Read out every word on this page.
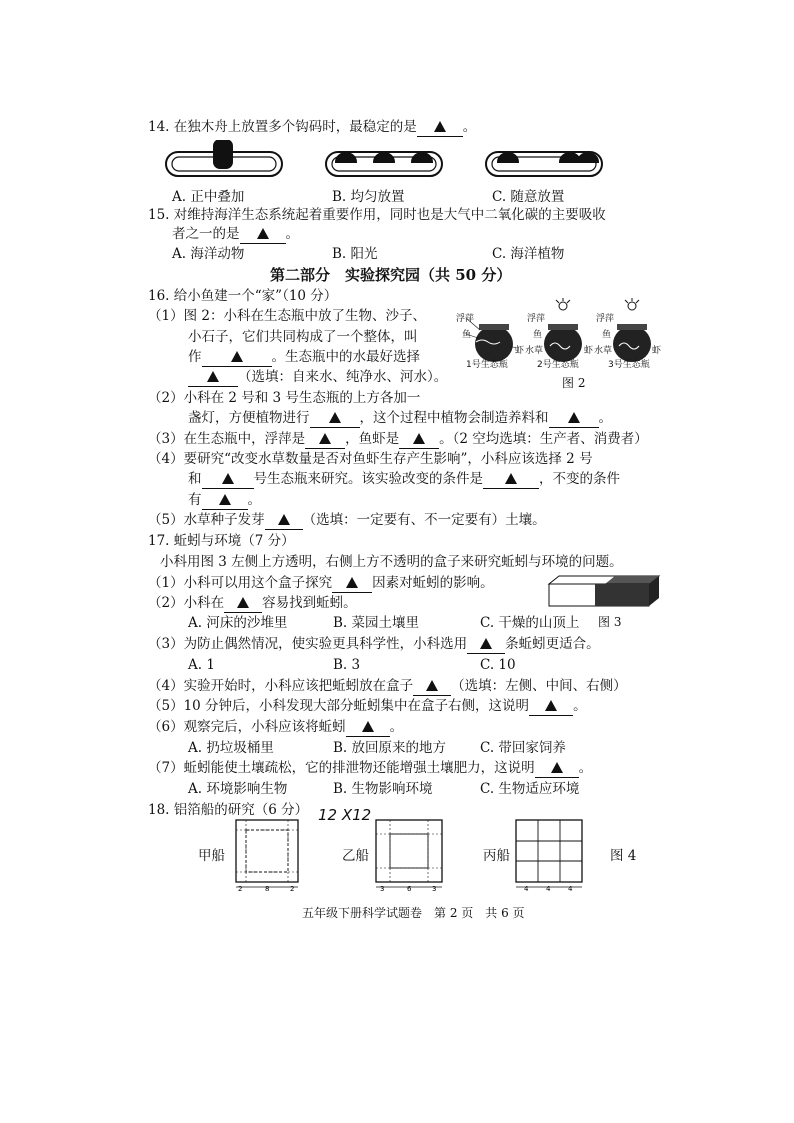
14. 在独木舟上放置多个钩码时，最稳定的是	。
A. 正中叠加	B. 均匀放置	C. 随意放置
15. 对维持海洋生态系统起着重要作用，同时也是大气中二氧化碳的主要吸收
者之一的是	。
A. 海洋动物	B. 阳光	C. 海洋植物
第二部分　实验探究园（共 50 分）
16. 给小鱼建一个“家”（10 分）
（1）图 2：小科在生态瓶中放了生物、沙子、
小石子，它们共同构成了一个整体，叫
作	。生态瓶中的水最好选择
（选填：自来水、纯净水、河水）。
浮萍
鱼
虾
浮萍
鱼
水草	虾
浮萍
鱼
水草	虾
1号生态瓶	2号生态瓶	3号生态瓶
图 2
（2）小科在 2 号和 3 号生态瓶的上方各加一
盏灯，方便植物进行	，这个过程中植物会制造养料和	。
（3）在生态瓶中，浮萍是	，鱼虾是	。（2 空均选填：生产者、消费者）
（4）要研究“改变水草数量是否对鱼虾生存产生影响”，小科应该选择 2 号
和	号生态瓶来研究。该实验改变的条件是	，不变的条件
有	。
（5）水草种子发芽	（选填：一定要有、不一定要有）土壤。
17. 蚯蚓与环境（7 分）
小科用图 3 左侧上方透明，右侧上方不透明的盒子来研究蚯蚓与环境的问题。
（1）小科可以用这个盒子探究	因素对蚯蚓的影响。
（2）小科在	容易找到蚯蚓。
A. 河床的沙堆里	B. 菜园土壤里	C. 干燥的山顶上 图 3
（3）为防止偶然情况，使实验更具科学性，小科选用	条蚯蚓更适合。
A. 1	B. 3	C. 10
（4）实验开始时，小科应该把蚯蚓放在盒子	（选填：左侧、中间、右侧）
（5）10 分钟后，小科发现大部分蚯蚓集中在盒子右侧，这说明	。
（6）观察完后，小科应该将蚯蚓	。
A. 扔垃圾桶里	B. 放回原来的地方	C. 带回家饲养
（7）蚯蚓能使土壤疏松，它的排泄物还能增强土壤肥力，这说明	。
A. 环境影响生物	B. 生物影响环境	C. 生物适应环境
18. 铝箔船的研究（6 分） 12 X12
甲船	乙船	丙船	图 4
2	8	2	3	6	3	4	4	4
五年级下册科学试题卷　第 2 页　共 6 页
